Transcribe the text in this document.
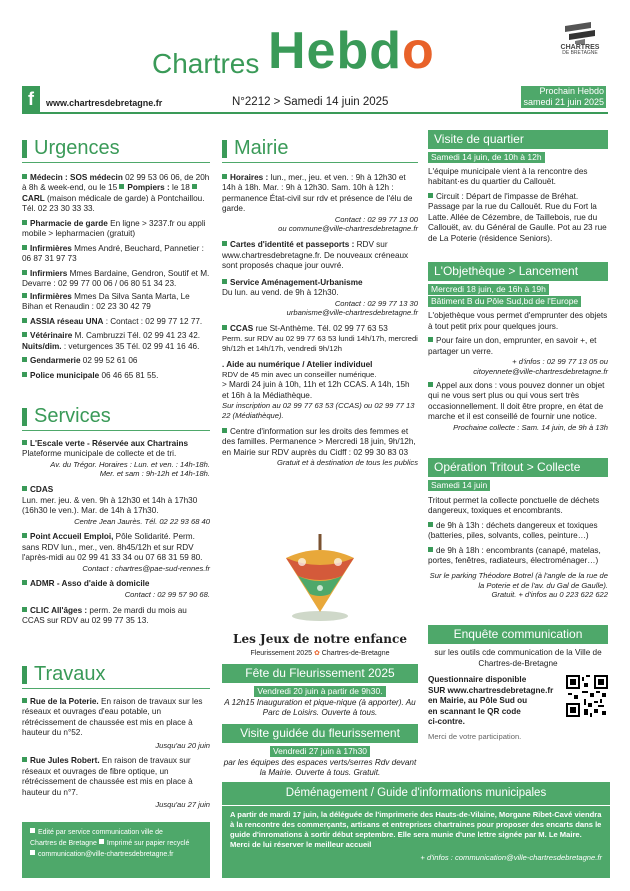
Chartres Hebdo	CHARTRES
DE BRETAGNE
f	www.chartresdebretagne.fr	N°2212 > Samedi 14 juin 2025
Prochain Hebdo
samedi 21 juin 2025
Urgences

Médecin : SOS médecin 02 99 53 06 06, de 20h à 8h & week-end, ou le 15 Pompiers : le 18 CARL (maison médicale de garde) à Pontchaillou. Tél. 02 23 30 33 33.

Pharmacie de garde En ligne > 3237.fr ou appli mobile > lepharmacien (gratuit)

Infirmières Mmes André, Beuchard, Pannetier : 06 87 31 97 73

Infirmiers Mmes Bardaine, Gendron, Soutif et M. Devarre : 02 99 77 00 06 / 06 80 51 34 23.

Infirmières Mmes Da Silva Santa Marta, Le Bihan et Renaudin : 02 23 30 42 79

ASSIA réseau UNA : Contact : 02 99 77 12 77.

Vétérinaire M. Cambruzzi Tél. 02 99 41 23 42.

Nuits/dim. : veturgences 35 Tél. 02 99 41 16 46.

Gendarmerie 02 99 52 61 06

Police municipale 06 46 65 81 55.

Services

L'Escale verte - Réservée aux Chartrains

Plateforme municipale de collecte et de tri.

Av. du Trégor. Horaires : Lun. et ven. : 14h-18h.

Mer. et sam : 9h-12h et 14h-18h.

CDAS

Lun. mer. jeu. & ven. 9h à 12h30 et 14h à 17h30 (16h30 le ven.). Mar. de 14h à 17h30.

Centre Jean Jaurès. Tél. 02 22 93 68 40

Point Accueil Emploi, Pôle Solidarité. Perm. sans RDV lun., mer., ven. 8h45/12h et sur RDV l'après-midi au 02 99 41 33 34 ou 07 68 31 59 80.

Contact : chartres@pae-sud-rennes.fr

ADMR - Asso d'aide à domicile

Contact : 02 99 57 90 68.

CLIC All'âges : perm. 2e mardi du mois au CCAS sur RDV au 02 99 77 35 13.

Travaux

Rue de la Poterie. En raison de travaux sur les réseaux et ouvrages d'eau potable, un rétrécissement de chaussée est mis en place à hauteur du n°52.

Jusqu'au 20 juin

Rue Jules Robert. En raison de travaux sur réseaux et ouvrages de fibre optique, un rétrécissement de chaussée est mis en place à hauteur du n°7.

Jusqu'au 27 juin

Edité par service communication ville de
Chartres de Bretagne Imprimé sur papier recyclé
communication@ville-chartresdebretagne.fr
Mairie

Horaires : lun., mer., jeu. et ven. : 9h à 12h30 et 14h à 18h. Mar. : 9h à 12h30. Sam. 10h à 12h : permanence État-civil sur rdv et présence de l'élu de garde.

Contact : 02 99 77 13 00

ou commune@ville-chartresdebretagne.fr

Cartes d'identité et passeports : RDV sur www.chartresdebretagne.fr. De nouveaux créneaux sont proposés chaque jour ouvré.

Service Aménagement-Urbanisme

Du lun. au vend. de 9h à 12h30.

Contact : 02 99 77 13 30

urbanisme@ville-chartresdebretagne.fr

CCAS rue St-Anthème. Tél. 02 99 77 63 53

Perm. sur RDV au 02 99 77 63 53 lundi 14h/17h, mercredi 9h/12h et 14h/17h, vendredi 9h/12h

. Aide au numérique / Atelier individuel

RDV de 45 min avec un conseiller numérique.

> Mardi 24 juin à 10h, 11h et 12h CCAS. A 14h, 15h et 16h à la Médiathèque.

Sur inscription au 02 99 77 63 53 (CCAS) ou 02 99 77 13 22 (Médiathèque).

Centre d'information sur les droits des femmes et des familles. Permanence > Mercredi 18 juin, 9h/12h, en Mairie sur RDV auprès du Cidff : 02 99 30 83 03

Gratuit et à destination de tous les publics

Les Jeux de notre enfance
Fleurissement 2025 ✿ Chartres-de-Bretagne
Fête du Fleurissement 2025
Vendredi 20 juin à partir de 9h30.

A 12h15 Inauguration et pique-nique (à apporter). Au Parc de Loisirs. Ouverte à tous.

Visite guidée du fleurissement
Vendredi 27 juin à 17h30

par les équipes des espaces verts/serres Rdv devant la Mairie. Ouverte à tous. Gratuit.

Visite de quartier
Samedi 14 juin, de 10h à 12h

L'équipe municipale vient à la rencontre des habitant·es du quartier du Callouët.

Circuit : Départ de l'impasse de Bréhat. Passage par la rue du Callouët. Rue du Fort la Latte. Allée de Cézembre, de Taillebois, rue du Callouët, av. du Général de Gaulle. Pot au 23 rue de La Poterie (résidence Seniors).

L'Objethèque > Lancement
Mercredi 18 juin, de 16h à 19h
Bâtiment B du Pôle Sud,bd de l'Europe

L'objethèque vous permet d'emprunter des objets à tout petit prix pour quelques jours.

Pour faire un don, emprunter, en savoir +, et partager un verre.

+ d'infos : 02 99 77 13 05 ou

citoyennete@ville-chartresdebretagne.fr

Appel aux dons : vous pouvez donner un objet qui ne vous sert plus ou qui vous sert très occasionnellement. Il doit être propre, en état de marche et il est conseillé de fournir une notice.

Prochaine collecte : Sam. 14 juin, de 9h à 13h

Opération Tritout > Collecte
Samedi 14 juin

Tritout permet la collecte ponctuelle de déchets dangereux, toxiques et encombrants.

de 9h à 13h : déchets dangereux et toxiques (batteries, piles, solvants, colles, peinture…)

de 9h à 18h : encombrants (canapé, matelas, portes, fenêtres, radiateurs, électroménager…)

Sur le parking Théodore Botrel (à l'angle de la rue de la Poterie et de l'av. du Gal de Gaulle).

Gratuit. + d'infos au 0 223 622 622

Enquête communication

sur les outils cde communication de la Ville de Chartres-de-Bretagne

Questionnaire disponible

SUR www.chartresdebretagne.fr

en Mairie, au Pôle Sud ou

en scannant le QR code

ci-contre.

Merci de votre participation.

Déménagement / Guide d'informations municipales

A partir de mardi 17 juin, la déléguée de l'imprimerie des Hauts-de-Vilaine, Morgane Ribet-Cavé viendra à la rencontre des commerçants, artisans et entreprises chartraines pour proposer des encarts dans le guide d'inromations à sortir début septembre. Elle sera munie d'une lettre signée par M. Le Maire. Merci de lui réserver le meilleur accueil

+ d'infos : communication@ville-chartresdebretagne.fr
